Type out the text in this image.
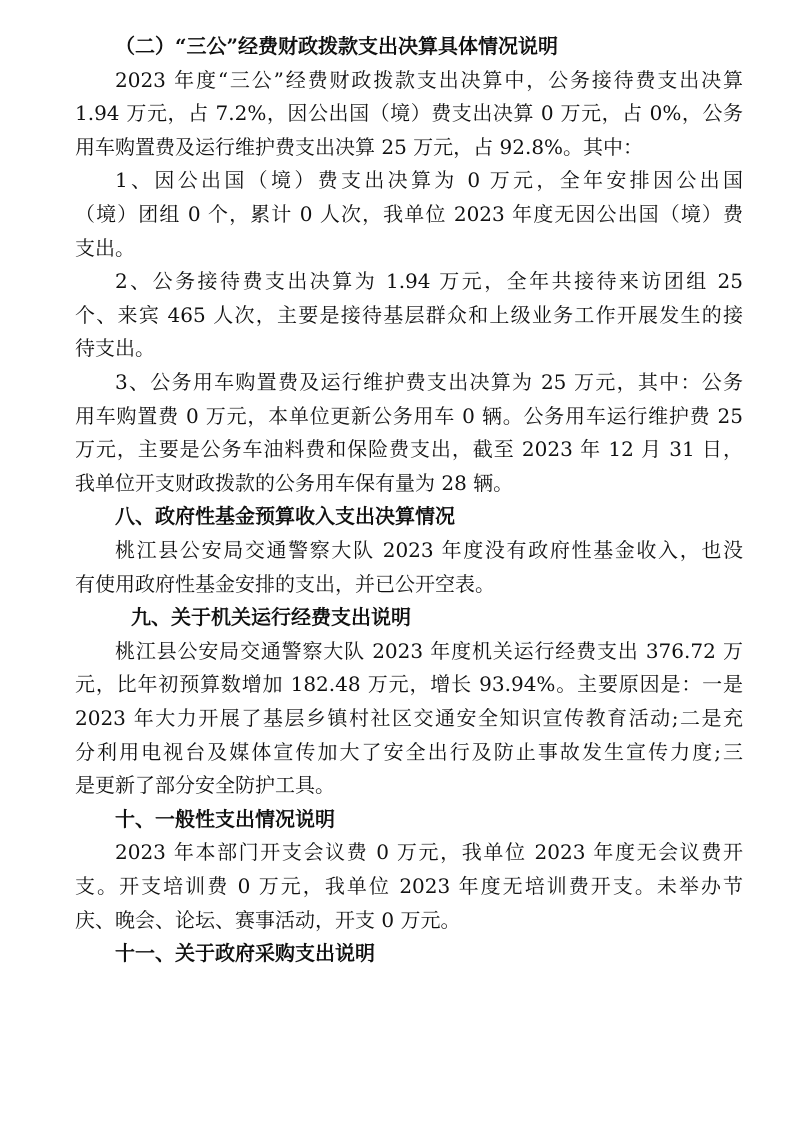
（二）“三公”经费财政拨款支出决算具体情况说明
2023 年度“三公”经费财政拨款支出决算中，公务接待费支出决算
1.94 万元，占 7.2%，因公出国（境）费支出决算 0 万元，占 0%，公务
用车购置费及运行维护费支出决算 25 万元，占 92.8%。其中：
1、因公出国（境）费支出决算为 0 万元，全年安排因公出国
（境）团组 0 个，累计 0 人次，我单位 2023 年度无因公出国（境）费
支出。
2、公务接待费支出决算为 1.94 万元，全年共接待来访团组 25
个、来宾 465 人次，主要是接待基层群众和上级业务工作开展发生的接
待支出。
3、公务用车购置费及运行维护费支出决算为 25 万元，其中：公务
用车购置费 0 万元，本单位更新公务用车 0 辆。公务用车运行维护费 25
万元，主要是公务车油料费和保险费支出，截至 2023 年 12 月 31 日，
我单位开支财政拨款的公务用车保有量为 28 辆。
八、政府性基金预算收入支出决算情况
桃江县公安局交通警察大队 2023 年度没有政府性基金收入，也没
有使用政府性基金安排的支出，并已公开空表。
九、关于机关运行经费支出说明
桃江县公安局交通警察大队 2023 年度机关运行经费支出 376.72 万
元，比年初预算数增加 182.48 万元，增长 93.94%。主要原因是：一是
2023 年大力开展了基层乡镇村社区交通安全知识宣传教育活动;二是充
分利用电视台及媒体宣传加大了安全出行及防止事故发生宣传力度;三
是更新了部分安全防护工具。
十、一般性支出情况说明
2023 年本部门开支会议费 0 万元，我单位 2023 年度无会议费开
支。开支培训费 0 万元，我单位 2023 年度无培训费开支。未举办节
庆、晚会、论坛、赛事活动，开支 0 万元。
十一、关于政府采购支出说明
